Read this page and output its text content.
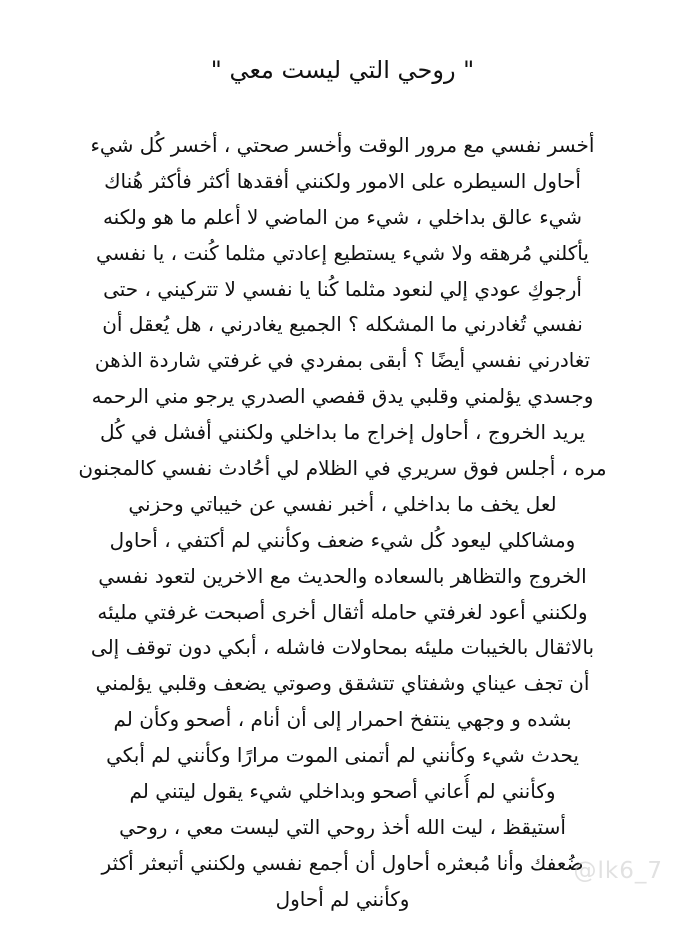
" روحي التي ليست معي "
أخسر نفسي مع مرور الوقت وأخسر صحتي ، أخسر كُل شيء
أحاول السيطره على الامور ولكنني أفقدها أكثر فأكثر هُناك
شيء عالق بداخلي ، شيء من الماضي لا أعلم ما هو ولكنه
يأكلني مُرهقه ولا شيء يستطيع إعادتي مثلما كُنت ، يا نفسي
أرجوكِ عودي إلي لنعود مثلما كُنا يا نفسي لا تتركيني ، حتى
نفسي تُغادرني ما المشكله ؟ الجميع يغادرني ، هل يُعقل أن
تغادرني نفسي أيضًا ؟ أبقى بمفردي في غرفتي شاردة الذهن
وجسدي يؤلمني وقلبي يدق قفصي الصدري يرجو مني الرحمه
يريد الخروج ، أحاول إخراج ما بداخلي ولكنني أفشل في كُل
مره ، أجلس فوق سريري في الظلام لي أحُادث نفسي كالمجنون
لعل يخف ما بداخلي ، أخبر نفسي عن خيباتي وحزني
ومشاكلي ليعود كُل شيء ضعف وكأنني لم أكتفي ، أحاول
الخروج والتظاهر بالسعاده والحديث مع الاخرين لتعود نفسي
ولكنني أعود لغرفتي حامله أثقال أخرى أصبحت غرفتي مليئه
بالاثقال بالخيبات مليئه بمحاولات فاشله ، أبكي دون توقف إلى
أن تجف عيناي وشفتاي تتشقق وصوتي يضعف وقلبي يؤلمني
بشده و وجهي ينتفخ احمرار إلى أن أنام ، أصحو وكأن لم
يحدث شيء وكأنني لم أتمنى الموت مرارًا وكأنني لم أبكي
وكأنني لم أُعاني أصحو وبداخلي شيء يقول ليتني لم
أستيقظ ، ليت الله أخذ روحي التي ليست معي ، روحي
ضُعفك وأنا مُبعثره أحاول أن أجمع نفسي ولكنني أتبعثر أكثر
وكأنني لم أحاول
@lk6_7
